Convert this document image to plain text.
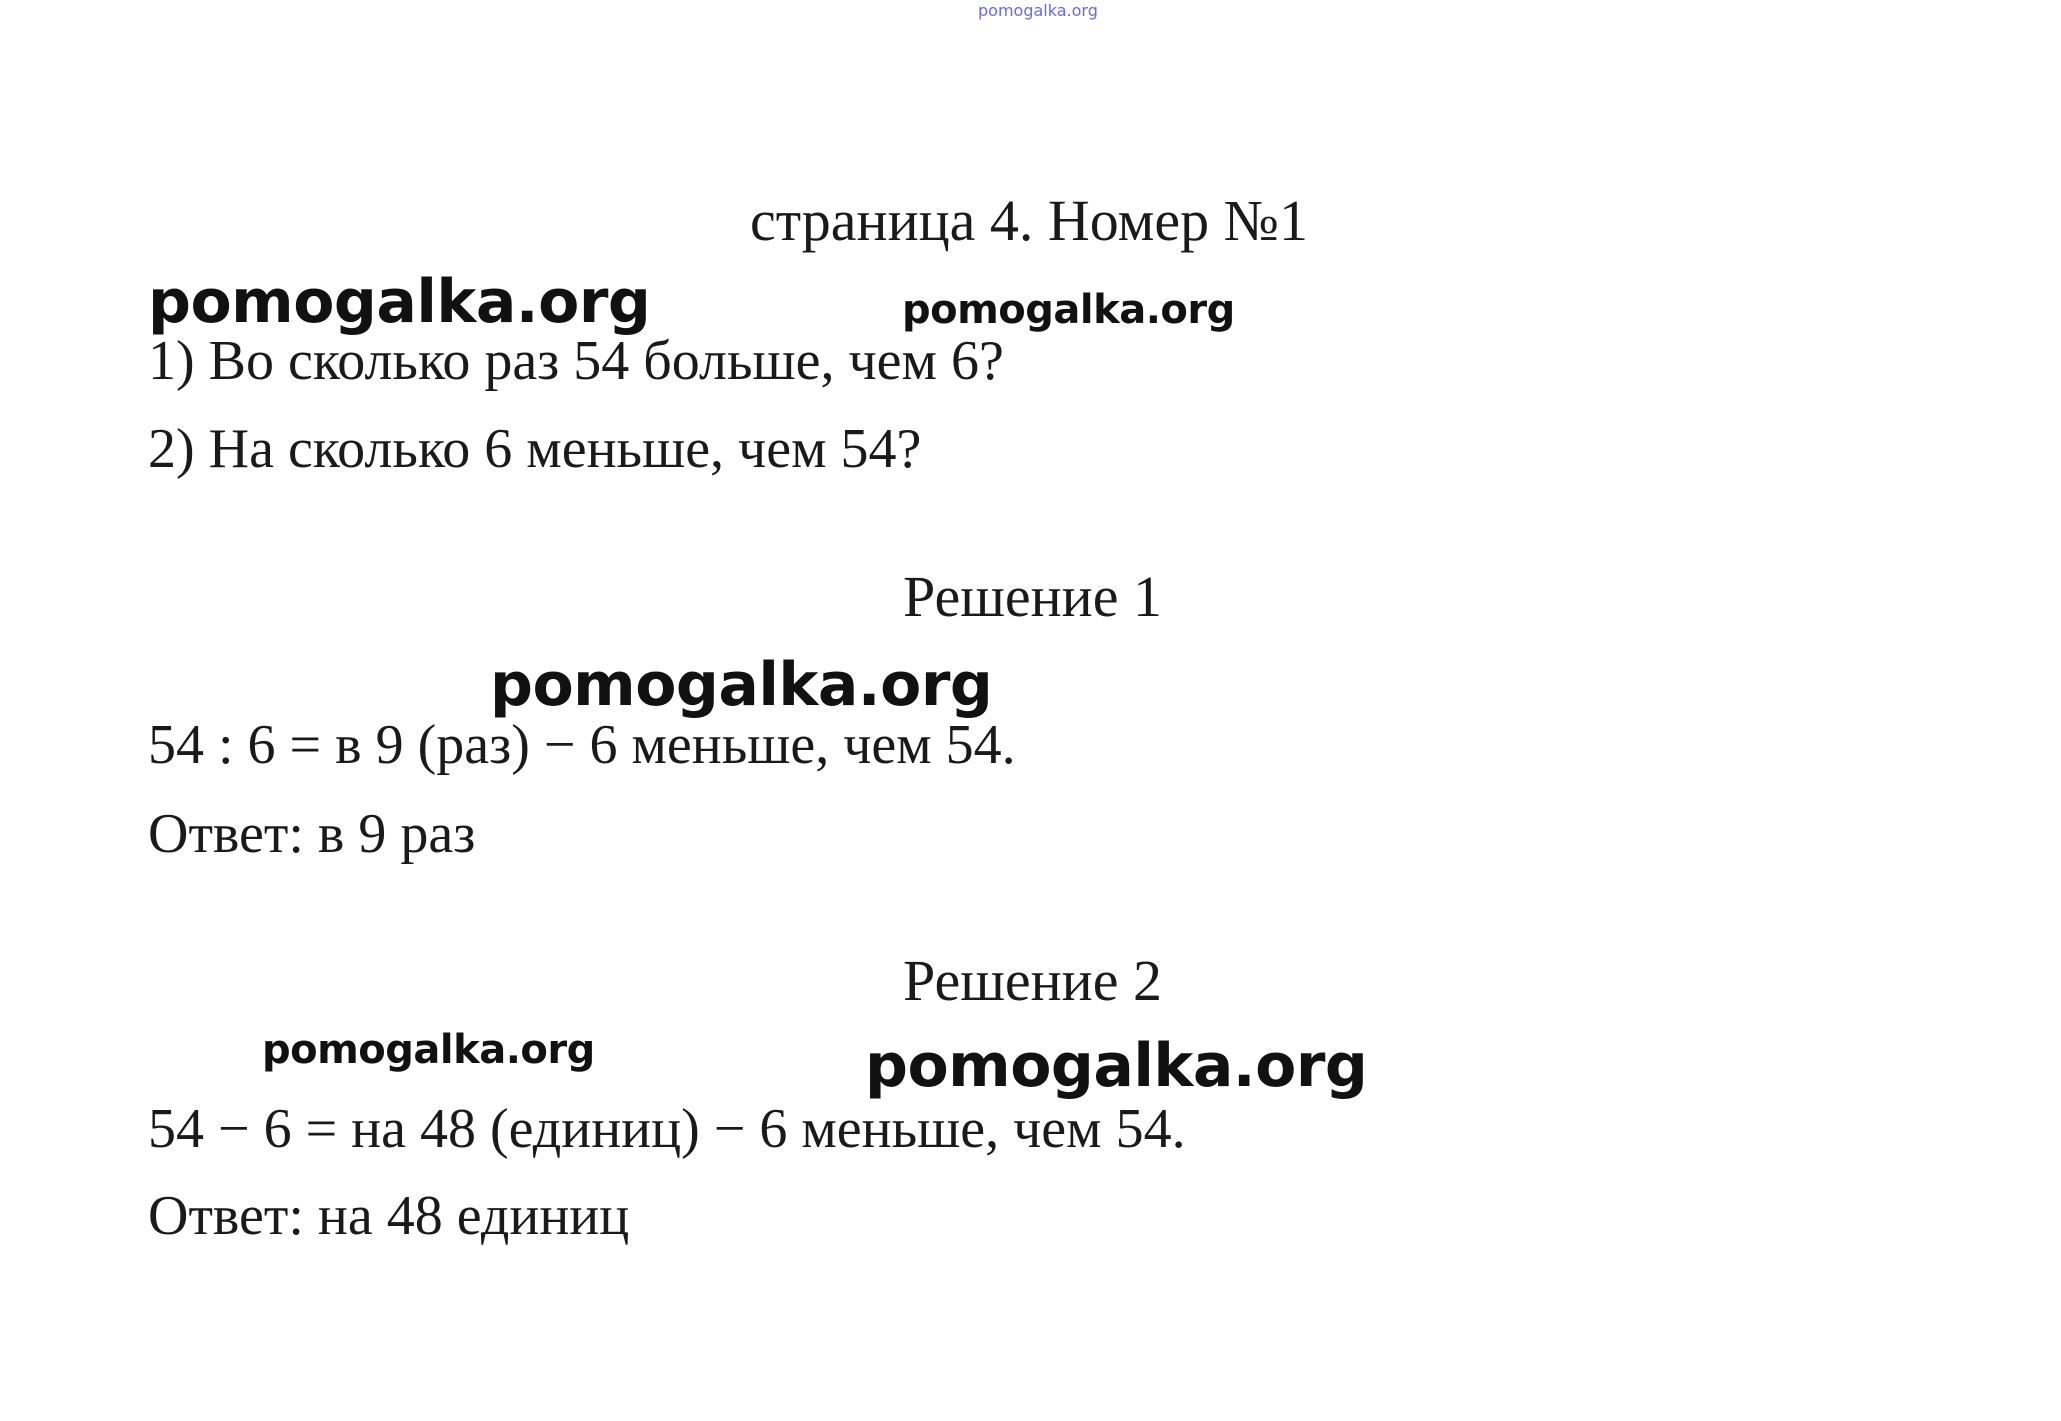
pomogalka.org
страница 4. Номер №1
pomogalka.org	pomogalka.org
1) Во сколько раз 54 больше, чем 6?
2) На сколько 6 меньше, чем 54?
Решение 1
pomogalka.org
54 : 6 = в 9 (раз) − 6 меньше, чем 54.
Ответ: в 9 раз
Решение 2
pomogalka.org	pomogalka.org
54 − 6 = на 48 (единиц) − 6 меньше, чем 54.
Ответ: на 48 единиц
